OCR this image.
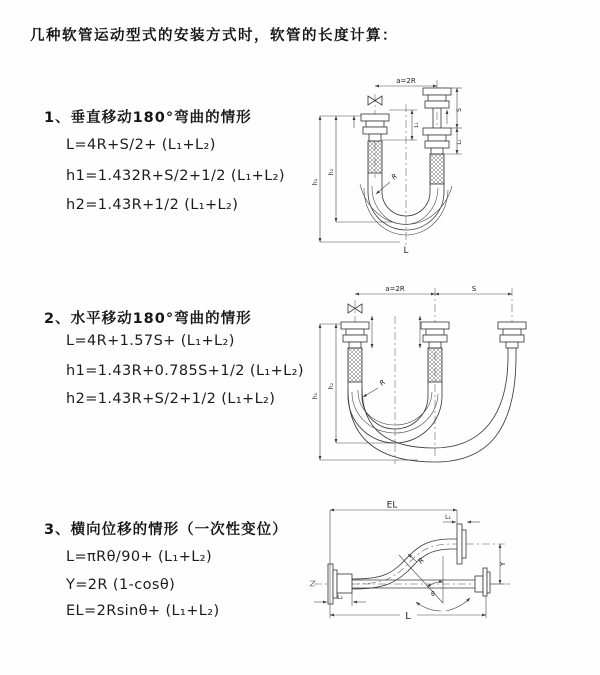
几种软管运动型式的安装方式时，软管的长度计算：
1、垂直移动180°弯曲的情形
L=4R+S/2+ (L₁+L₂)
h1=1.432R+S/2+1/2 (L₁+L₂)
h2=1.43R+1/2 (L₁+L₂)
2、水平移动180°弯曲的情形
L=4R+1.57S+ (L₁+L₂)
h1=1.43R+0.785S+1/2 (L₁+L₂)
h2=1.43R+S/2+1/2 (L₁+L₂)
3、横向位移的情形（一次性变位）
L=πRθ/90+ (L₁+L₂)
Y=2R (1-cosθ)
EL=2Rsinθ+ (L₁+L₂)
a=2R
h₁
h₂
L₁
S
L₁
R
L
a=2R	S
h₁
h₂	R
EL
L₁
Y
θ
R
L₂
L
